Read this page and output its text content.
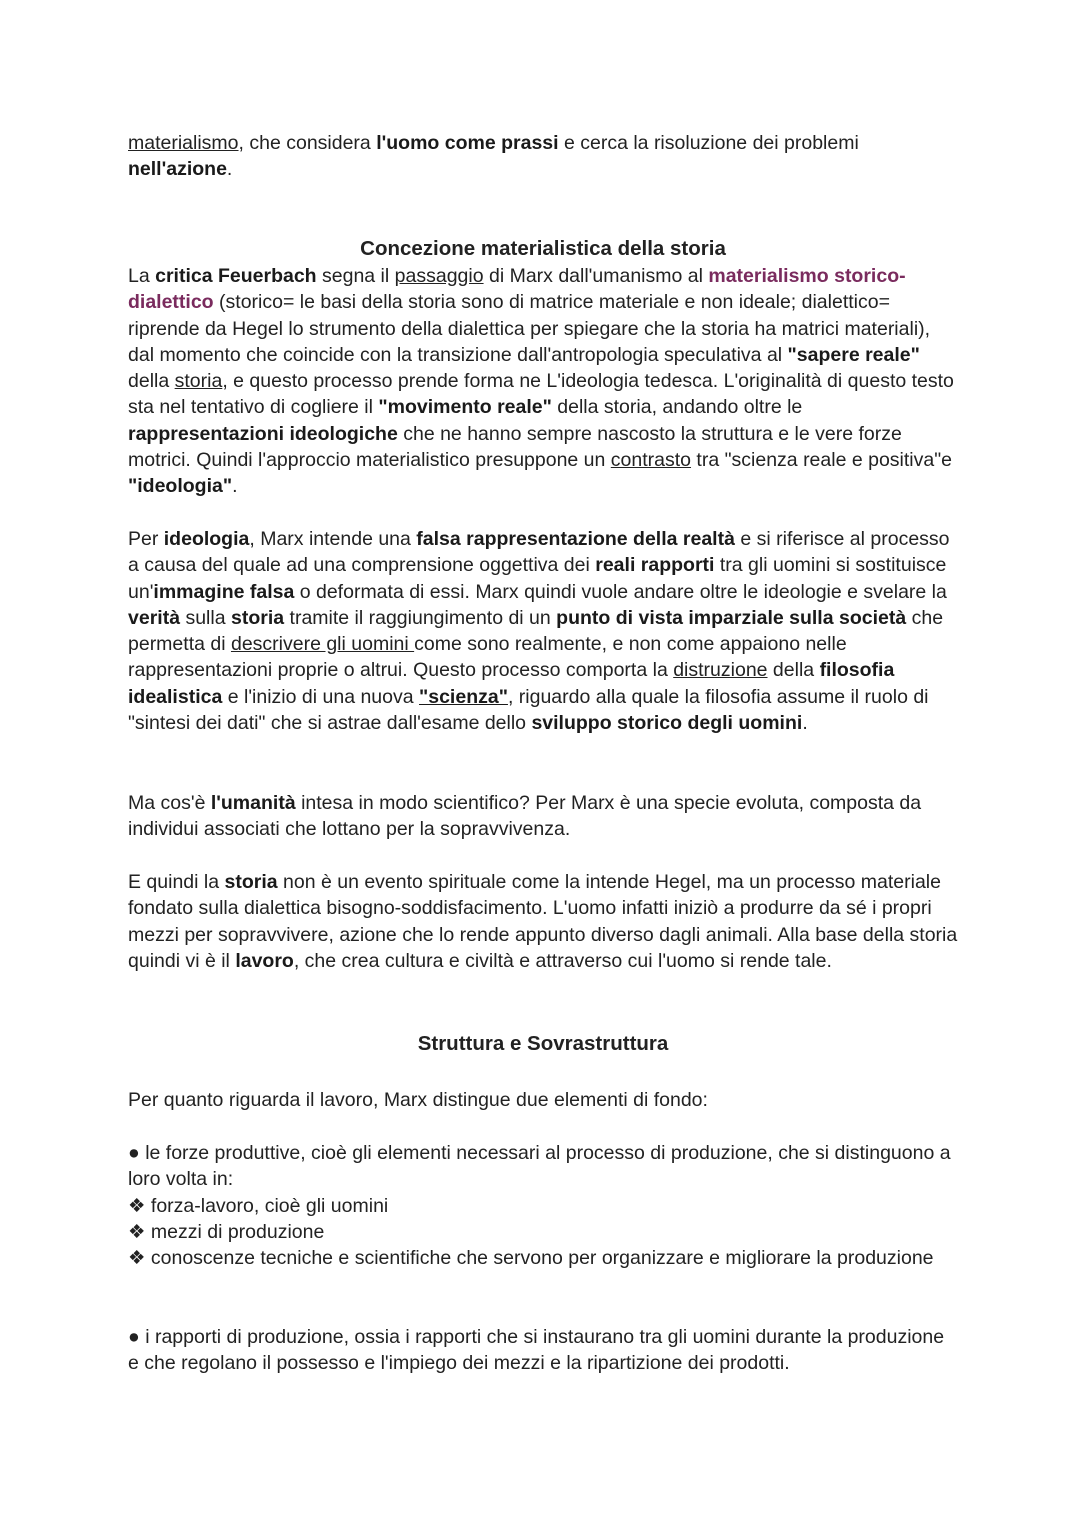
materialismo, che considera l'uomo come prassi e cerca la risoluzione dei problemi nell'azione.

Concezione materialistica della storia

La critica Feuerbach segna il passaggio di Marx dall'umanismo al materialismo storico-dialettico (storico= le basi della storia sono di matrice materiale e non ideale; dialettico= riprende da Hegel lo strumento della dialettica per spiegare che la storia ha matrici materiali), dal momento che coincide con la transizione dall'antropologia speculativa al "sapere reale" della storia, e questo processo prende forma ne L'ideologia tedesca. L'originalità di questo testo sta nel tentativo di cogliere il "movimento reale" della storia, andando oltre le rappresentazioni ideologiche che ne hanno sempre nascosto la struttura e le vere forze motrici. Quindi l'approccio materialistico presuppone un contrasto tra "scienza reale e positiva"e "ideologia".

Per ideologia, Marx intende una falsa rappresentazione della realtà e si riferisce al processo a causa del quale ad una comprensione oggettiva dei reali rapporti tra gli uomini si sostituisce un'immagine falsa o deformata di essi. Marx quindi vuole andare oltre le ideologie e svelare la verità sulla storia tramite il raggiungimento di un punto di vista imparziale sulla società che permetta di descrivere gli uomini come sono realmente, e non come appaiono nelle rappresentazioni proprie o altrui. Questo processo comporta la distruzione della filosofia idealistica e l'inizio di una nuova "scienza", riguardo alla quale la filosofia assume il ruolo di "sintesi dei dati" che si astrae dall'esame dello sviluppo storico degli uomini.

Ma cos'è l'umanità intesa in modo scientifico? Per Marx è una specie evoluta, composta da individui associati che lottano per la sopravvivenza.

E quindi la storia non è un evento spirituale come la intende Hegel, ma un processo materiale fondato sulla dialettica bisogno-soddisfacimento. L'uomo infatti iniziò a produrre da sé i propri mezzi per sopravvivere, azione che lo rende appunto diverso dagli animali. Alla base della storia quindi vi è il lavoro, che crea cultura e civiltà e attraverso cui l'uomo si rende tale.

Struttura e Sovrastruttura

Per quanto riguarda il lavoro, Marx distingue due elementi di fondo:

● le forze produttive, cioè gli elementi necessari al processo di produzione, che si distinguono a loro volta in:
❖ forza-lavoro, cioè gli uomini
❖ mezzi di produzione
❖ conoscenze tecniche e scientifiche che servono per organizzare e migliorare la produzione
● i rapporti di produzione, ossia i rapporti che si instaurano tra gli uomini durante la produzione e che regolano il possesso e l'impiego dei mezzi e la ripartizione dei prodotti.
